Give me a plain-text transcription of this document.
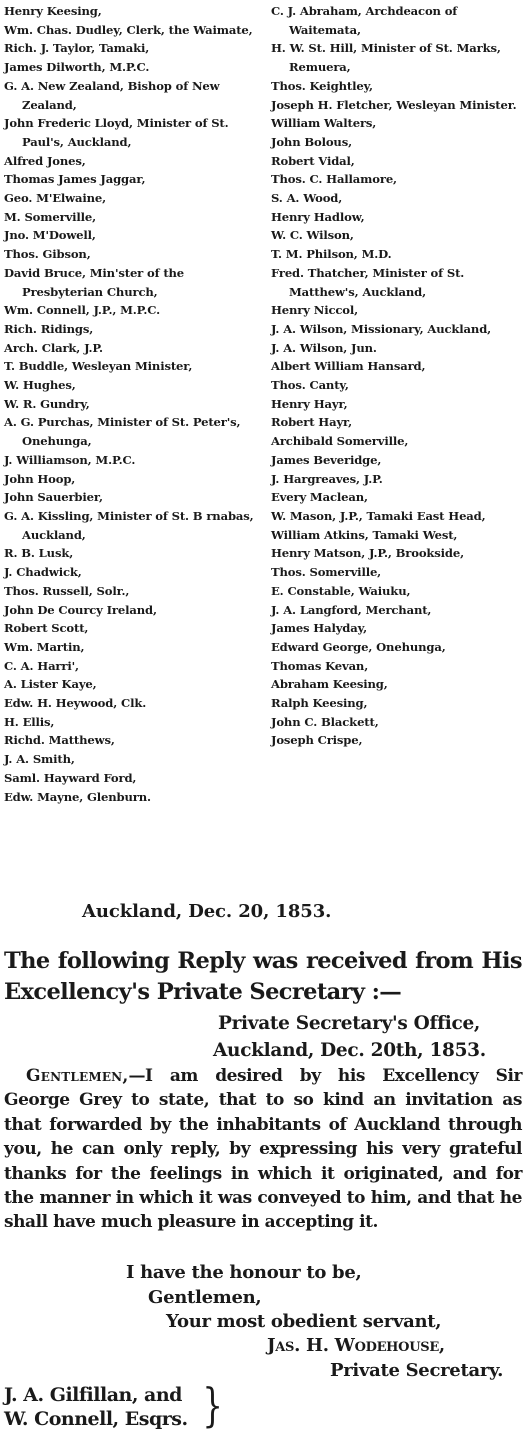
Henry Keesing,
Wm. Chas. Dudley, Clerk, the Waimate,
Rich. J. Taylor, Tamaki,
James Dilworth, M.P.C.
G. A. New Zealand, Bishop of New Zealand,
John Frederic Lloyd, Minister of St. Paul's, Auckland,
Alfred Jones,
Thomas James Jaggar,
Geo. M'Elwaine,
M. Somerville,
Jno. M'Dowell,
Thos. Gibson,
David Bruce, Min'ster of the Presbyterian Church,
Wm. Connell, J.P., M.P.C.
Rich. Ridings,
Arch. Clark, J.P.
T. Buddle, Wesleyan Minister,
W. Hughes,
W. R. Gundry,
A. G. Purchas, Minister of St. Peter's, Onehunga,
J. Williamson, M.P.C.
John Hoop,
John Sauerbier,
G. A. Kissling, Minister of St. B rnabas, Auckland,
R. B. Lusk,
J. Chadwick,
Thos. Russell, Solr.,
John De Courcy Ireland,
Robert Scott,
Wm. Martin,
C. A. Harri',
A. Lister Kaye,
Edw. H. Heywood, Clk.
H. Ellis,
Richd. Matthews,
J. A. Smith,
Saml. Hayward Ford,
Edw. Mayne, Glenburn.
C. J. Abraham, Archdeacon of Waitemata,
H. W. St. Hill, Minister of St. Marks, Remuera,
Thos. Keightley,
Joseph H. Fletcher, Wesleyan Minister.
William Walters,
John Bolous,
Robert Vidal,
Thos. C. Hallamore,
S. A. Wood,
Henry Hadlow,
W. C. Wilson,
T. M. Philson, M.D.
Fred. Thatcher, Minister of St. Matthew's, Auckland,
Henry Niccol,
J. A. Wilson, Missionary, Auckland,
J. A. Wilson, Jun.
Albert William Hansard,
Thos. Canty,
Henry Hayr,
Robert Hayr,
Archibald Somerville,
James Beveridge,
J. Hargreaves, J.P.
Every Maclean,
W. Mason, J.P., Tamaki East Head,
William Atkins, Tamaki West,
Henry Matson, J.P., Brookside,
Thos. Somerville,
E. Constable, Waiuku,
J. A. Langford, Merchant,
James Halyday,
Edward George, Onehunga,
Thomas Kevan,
Abraham Keesing,
Ralph Keesing,
John C. Blackett,
Joseph Crispe,
Auckland, Dec. 20, 1853.
The following Reply was received from His Excellency's Private Secretary :—
Private Secretary's Office,
Auckland, Dec. 20th, 1853.

Gentlemen,—I am desired by his Excellency Sir George Grey to state, that to so kind an invitation as that forwarded by the inhabitants of Auckland through you, he can only reply, by expressing his very grateful thanks for the feelings in which it originated, and for the manner in which it was conveyed to him, and that he shall have much pleasure in accepting it.

I have the honour to be,
Gentlemen,
Your most obedient servant,
Jas. H. Wodehouse,
Private Secretary.
J. A. Gilfillan, and
W. Connell, Esqrs. }
